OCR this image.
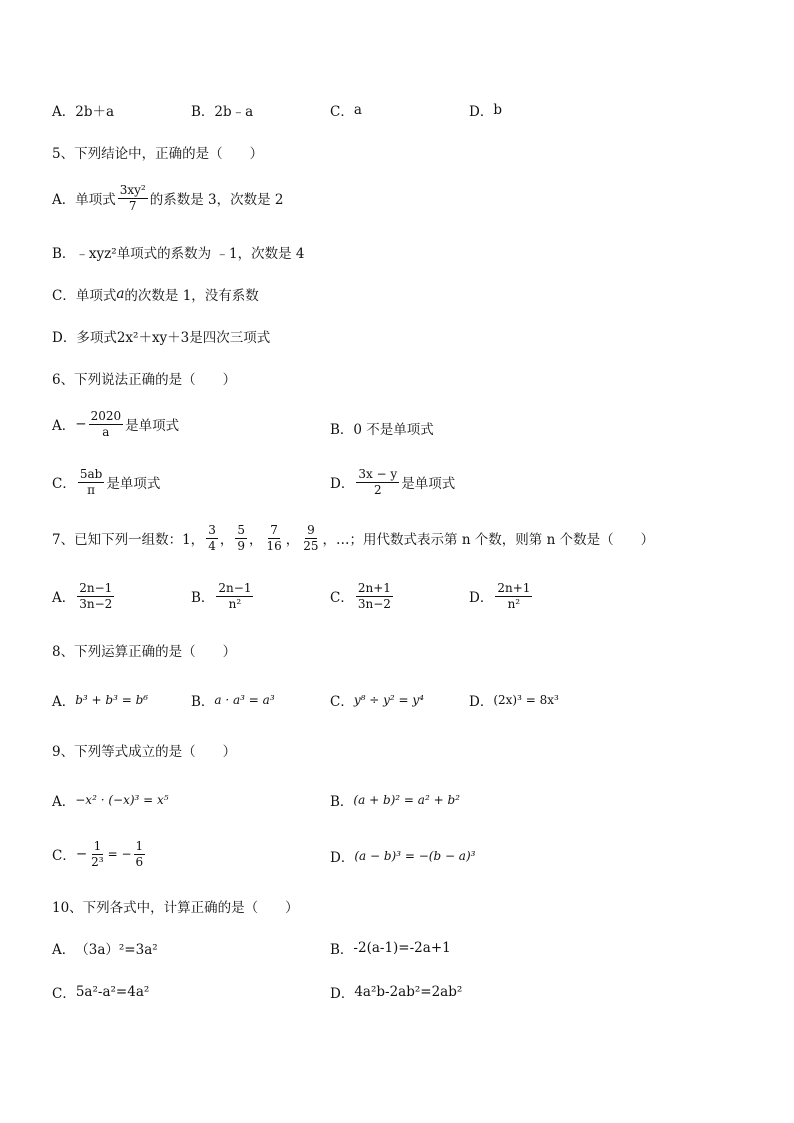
A． 2b＋a	B． 2b﹣a	C． a	D． b
5、下列结论中，正确的是（　　）
A． 单项式 $\frac{\text{3xy²}}{7}$ 的系数是 3，次数是 2
B． ﹣xyz² 单项式的系数为 ﹣1，次数是 4
C． 单项式 a 的次数是 1，没有系数
D． 多项式 2x²＋xy＋3 是四次三项式
6、下列说法正确的是（　　）
A． − $\frac{2020}{a}$ 是单项式	B． 0 不是单项式
C． $\frac{5ab}{\pi}$ 是单项式	D． $\frac{3x - y}{2}$ 是单项式
7、已知下列一组数：1， $\frac{3}{4}$ ， $\frac{5}{9}$ ， $\frac{7}{16}$ ， $\frac{9}{25}$ ，…；用代数式表示第 n 个数，则第 n 个数是（　　）
A． $\frac{2n-1}{3n-2}$	B． $\frac{2n-1}{\text{n²}}$	C． $\frac{2n+1}{3n-2}$	D． $\frac{2n+1}{\text{n²}}$
8、下列运算正确的是（　　）
A． b³ + b³ = b⁶	B． a · a³ = a³	C． y⁸ ÷ y² = y⁴	D． (2x)³ = 8x³
9、下列等式成立的是（　　）
A． −x² · (−x)³ = x⁵	B． (a + b)² = a² + b²
C． − $\frac{1}{\text{2³}}$ = − $\frac{1}{6}$	D． (a − b)³ = −(b − a)³
10、下列各式中，计算正确的是（　　）
A． （3a）²=3a²	B． -2(a-1)=-2a+1
C． 5a²-a²=4a²	D． 4a²b-2ab²=2ab²
